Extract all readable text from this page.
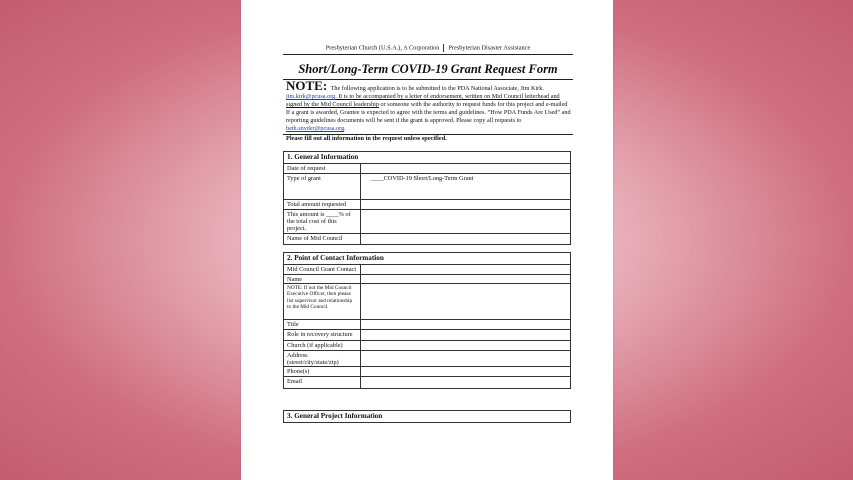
Presbyterian Church (U.S.A.), A Corporation Presbyterian Disaster Assistance
Short/Long-Term COVID-19 Grant Request Form
NOTE: The following application is to be submitted to the PDA National Associate, Jim Kirk. jim.kirk@pcusa.org. It is to be accompanied by a letter of endorsement, written on Mid Council letterhead and signed by the Mid Council leadership or someone with the authority to request funds for this project and e-mailed If a grant is awarded, Grantee is expected to agree with the terms and guidelines. “How PDA Funds Are Used” and reporting guidelines documents will be sent if the grant is approved. Please copy all requests to beth.snyder@pcusa.org.
Please fill out all information in the request unless specified.
1. General Information
Date of request
Type of grant	____COVID-19 Short/Long-Term Grant
Total amount requested
This amount is ____% of the total cost of this project.
Name of Mid Council
2. Point of Contact Information
Mid Council Grant Contact
Name
NOTE: If not the Mid Council Executive Officer, then please list supervisor and relationship to the Mid Council.
Title
Role in recovery structure
Church (if applicable)
Address (street/city/state/zip)
Phone(s)
Email
3. General Project Information
